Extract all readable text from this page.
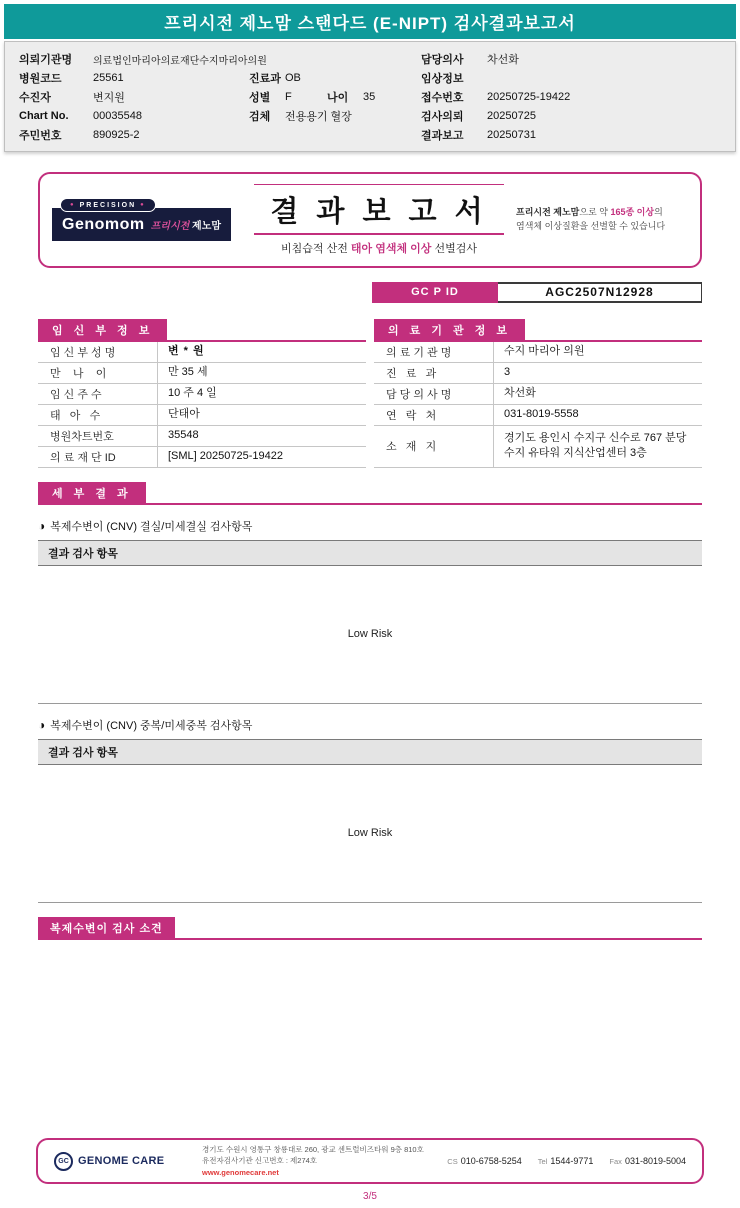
프리시전 제노맘 스탠다드 (E-NIPT) 검사결과보고서
의뢰기관명	의료법인마리아의료재단수지마리아의원
병원코드	25561
수진자	변지원
Chart No.	00035548
주민번호	890925-2
진료과 OB
성별	F	나이	35
검체	전용용기 혈장
담당의사	차선화
임상정보
접수번호	20250725-19422
검사의뢰	20250725
결과보고	20250731
● PRECISION ●
Genomom 프리시전 제노맘 결 과 보 고 서
비침습적 산전 태아 염색체 이상 선별검사
프리시전 제노맘으로 약 165종 이상의
염색체 이상질환을 선별할 수 있습니다
GC P ID	AGC2507N12928
임 신 부 정 보
임 신 부 성 명	변 * 원
만    나    이	만 35 세
임 신 주 수	10 주 4 일
태   아   수	단태아
병원차트번호	35548
의 료 재 단 ID	[SML] 20250725-19422
의 료 기 관 정 보
의 료 기 관 명	수지 마리아 의원
진   료   과	3
담 당 의 사 명	차선화
연   락   처	031-8019-5558
소   재   지
경기도 용인시 수지구 신수로 767 분당 수지 유타워 지식산업센터 3층
세 부 결 과
◑ 복제수변이 (CNV) 결실/미세결실 검사항목
결과 검사 항목
Low Risk
◑ 복제수변이 (CNV) 중복/미세중복 검사항목
결과 검사 항목
Low Risk
복제수변이 검사 소견
GC GENOME CARE
경기도 수원시 영통구 창룡대로 260, 광교 센트럴비즈타워 9층 810호
유전자검사기관 신고번호 : 제274호
www.genomecare.net
CS 010-6758-5254 Tel 1544-9771 Fax 031-8019-5004
3/5
